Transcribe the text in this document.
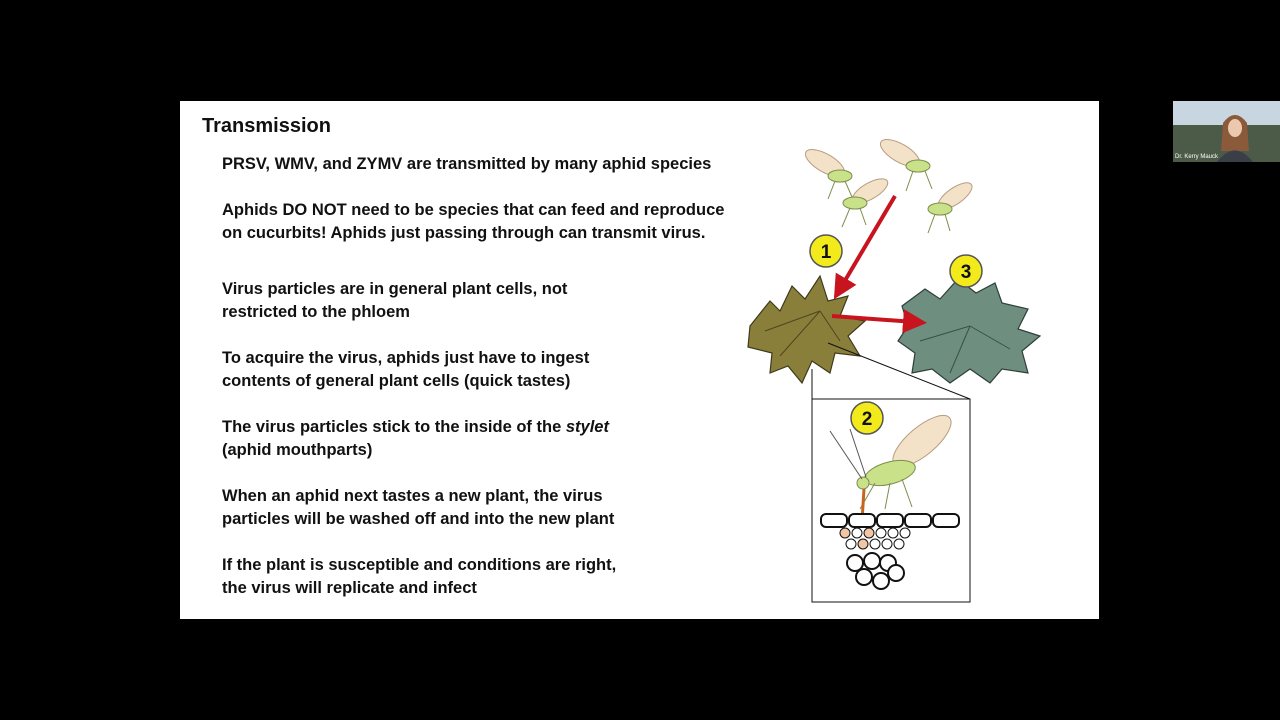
Transmission
PRSV, WMV, and ZYMV are transmitted by many aphid species
Aphids DO NOT need to be species that can feed and reproduce
on cucurbits! Aphids just passing through can transmit virus.
Virus particles are in general plant cells, not
restricted to the phloem
To acquire the virus, aphids just have to ingest
contents of general plant cells (quick tastes)
The virus particles stick to the inside of the stylet
(aphid mouthparts)
When an aphid next tastes a new plant, the virus
particles will be washed off and into the new plant
If the plant is susceptible and conditions are right,
the virus will replicate and infect
1
2
3
Dr. Kerry Mauck
